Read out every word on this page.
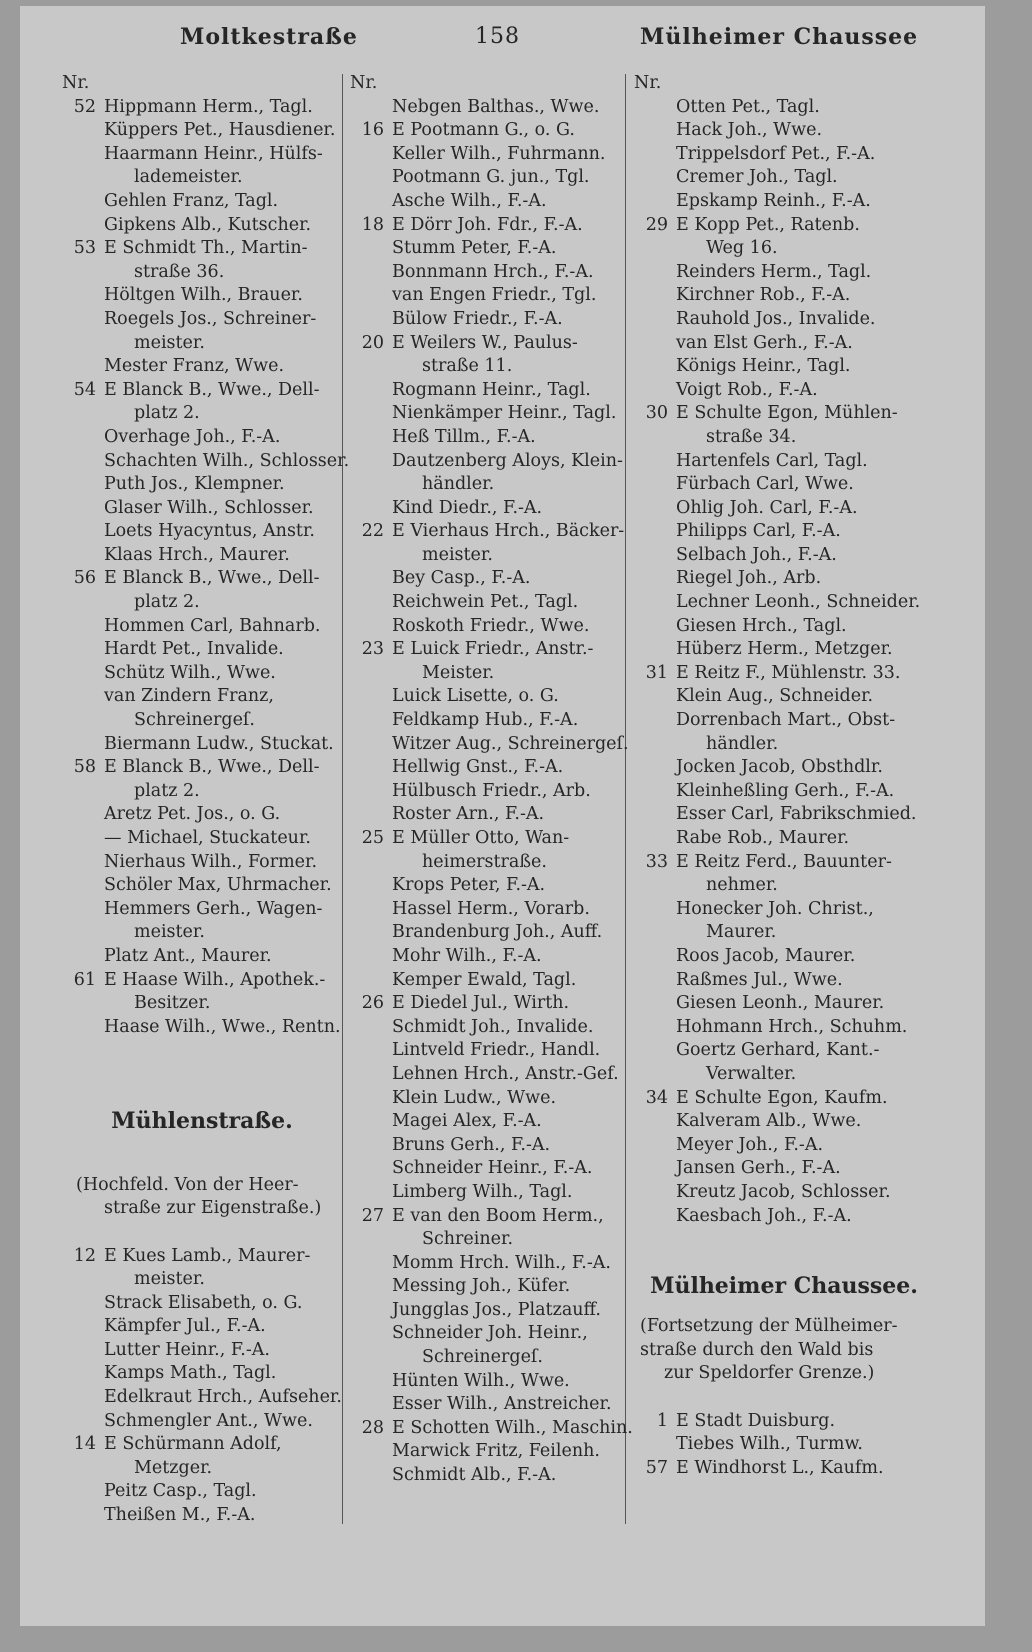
Moltkestraße	158	Mülheimer Chaussee
Nr.
52 Hippmann Herm., Tagl.
Küppers Pet., Hausdiener.
Haarmann Heinr., Hülfs-
lademeister.
Gehlen Franz, Tagl.
Gipkens Alb., Kutscher.
53 E Schmidt Th., Martin-
straße 36.
Höltgen Wilh., Brauer.
Roegels Jos., Schreiner-
meister.
Mester Franz, Wwe.
54 E Blanck B., Wwe., Dell-
platz 2.
Overhage Joh., F.-A.
Schachten Wilh., Schlosser.
Puth Jos., Klempner.
Glaser Wilh., Schlosser.
Loets Hyacyntus, Anstr.
Klaas Hrch., Maurer.
56 E Blanck B., Wwe., Dell-
platz 2.
Hommen Carl, Bahnarb.
Hardt Pet., Invalide.
Schütz Wilh., Wwe.
van Zindern Franz,
Schreinergeſ.
Biermann Ludw., Stuckat.
58 E Blanck B., Wwe., Dell-
platz 2.
Aretz Pet. Jos., o. G.
— Michael, Stuckateur.
Nierhaus Wilh., Former.
Schöler Max, Uhrmacher.
Hemmers Gerh., Wagen-
meister.
Platz Ant., Maurer.
61 E Haase Wilh., Apothek.-
Besitzer.
Haase Wilh., Wwe., Rentn.
Mühlenstraße.
(Hochfeld. Von der Heer-
straße zur Eigenstraße.)
12 E Kues Lamb., Maurer-
meister.
Strack Elisabeth, o. G.
Kämpfer Jul., F.-A.
Lutter Heinr., F.-A.
Kamps Math., Tagl.
Edelkraut Hrch., Aufseher.
Schmengler Ant., Wwe.
14 E Schürmann Adolf,
Metzger.
Peitz Casp., Tagl.
Theißen M., F.-A.
Nr.
Nebgen Balthas., Wwe.
16 E Pootmann G., o. G.
Keller Wilh., Fuhrmann.
Pootmann G. jun., Tgl.
Asche Wilh., F.-A.
18 E Dörr Joh. Fdr., F.-A.
Stumm Peter, F.-A.
Bonnmann Hrch., F.-A.
van Engen Friedr., Tgl.
Bülow Friedr., F.-A.
20 E Weilers W., Paulus-
straße 11.
Rogmann Heinr., Tagl.
Nienkämper Heinr., Tagl.
Heß Tillm., F.-A.
Dautzenberg Aloys, Klein-
händler.
Kind Diedr., F.-A.
22 E Vierhaus Hrch., Bäcker-
meister.
Bey Casp., F.-A.
Reichwein Pet., Tagl.
Roskoth Friedr., Wwe.
23 E Luick Friedr., Anstr.-
Meister.
Luick Lisette, o. G.
Feldkamp Hub., F.-A.
Witzer Aug., Schreinergeſ.
Hellwig Gnst., F.-A.
Hülbusch Friedr., Arb.
Roster Arn., F.-A.
25 E Müller Otto, Wan-
heimerstraße.
Krops Peter, F.-A.
Hassel Herm., Vorarb.
Brandenburg Joh., Auff.
Mohr Wilh., F.-A.
Kemper Ewald, Tagl.
26 E Diedel Jul., Wirth.
Schmidt Joh., Invalide.
Lintveld Friedr., Handl.
Lehnen Hrch., Anstr.-Gef.
Klein Ludw., Wwe.
Magei Alex, F.-A.
Bruns Gerh., F.-A.
Schneider Heinr., F.-A.
Limberg Wilh., Tagl.
27 E van den Boom Herm.,
Schreiner.
Momm Hrch. Wilh., F.-A.
Messing Joh., Küfer.
Jungglas Jos., Platzauff.
Schneider Joh. Heinr.,
Schreinergeſ.
Hünten Wilh., Wwe.
Esser Wilh., Anstreicher.
28 E Schotten Wilh., Maschin.
Marwick Fritz, Feilenh.
Schmidt Alb., F.-A.
Nr.
Otten Pet., Tagl.
Hack Joh., Wwe.
Trippelsdorf Pet., F.-A.
Cremer Joh., Tagl.
Epskamp Reinh., F.-A.
29 E Kopp Pet., Ratenb.
Weg 16.
Reinders Herm., Tagl.
Kirchner Rob., F.-A.
Rauhold Jos., Invalide.
van Elst Gerh., F.-A.
Königs Heinr., Tagl.
Voigt Rob., F.-A.
30 E Schulte Egon, Mühlen-
straße 34.
Hartenfels Carl, Tagl.
Fürbach Carl, Wwe.
Ohlig Joh. Carl, F.-A.
Philipps Carl, F.-A.
Selbach Joh., F.-A.
Riegel Joh., Arb.
Lechner Leonh., Schneider.
Giesen Hrch., Tagl.
Hüberz Herm., Metzger.
31 E Reitz F., Mühlenstr. 33.
Klein Aug., Schneider.
Dorrenbach Mart., Obst-
händler.
Jocken Jacob, Obsthdlr.
Kleinheßling Gerh., F.-A.
Esser Carl, Fabrikschmied.
Rabe Rob., Maurer.
33 E Reitz Ferd., Bauunter-
nehmer.
Honecker Joh. Christ.,
Maurer.
Roos Jacob, Maurer.
Raßmes Jul., Wwe.
Giesen Leonh., Maurer.
Hohmann Hrch., Schuhm.
Goertz Gerhard, Kant.-
Verwalter.
34 E Schulte Egon, Kaufm.
Kalveram Alb., Wwe.
Meyer Joh., F.-A.
Jansen Gerh., F.-A.
Kreutz Jacob, Schlosser.
Kaesbach Joh., F.-A.
Mülheimer Chaussee.
(Fortsetzung der Mülheimer-
straße durch den Wald bis
zur Speldorfer Grenze.)
1 E Stadt Duisburg.
Tiebes Wilh., Turmw.
57 E Windhorst L., Kaufm.
